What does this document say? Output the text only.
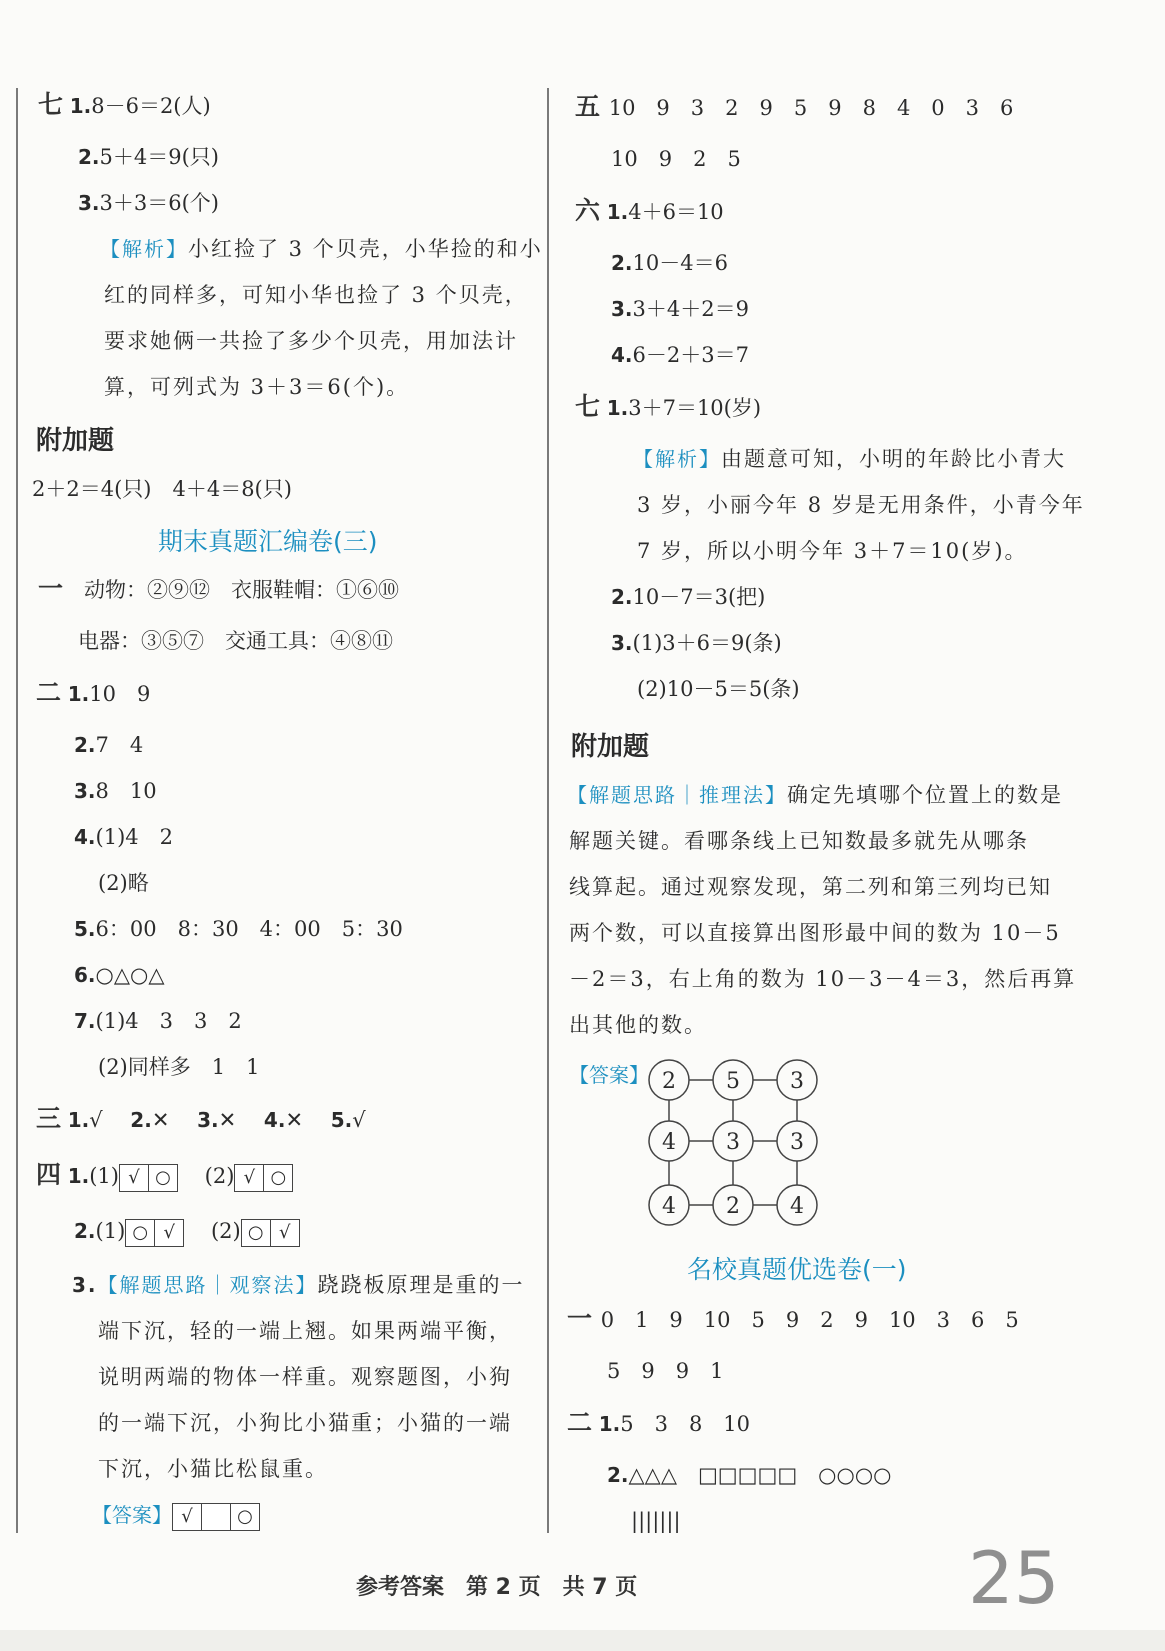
七 1.8－6＝2(人)
2.5＋4＝9(只)
3.3＋3＝6(个)
【解析】小红捡了 3 个贝壳，小华捡的和小
红的同样多，可知小华也捡了 3 个贝壳，
要求她俩一共捡了多少个贝壳，用加法计
算，可列式为 3＋3＝6(个)。
附加题
2＋2＝4(只)　4＋4＝8(只)
期末真题汇编卷(三)
一　 动物：②⑨⑫　衣服鞋帽：①⑥⑩
电器：③⑤⑦　交通工具：④⑧⑪
二 1.10　9
2.7　4
3.8　10
4.(1)4　2
(2)略
5.6：00　8：30　4：00　5：30
6.○△○△
7.(1)4　3　3　2
(2)同样多　1　1
三 1.√　 2.✕　 3.✕　 4.✕　 5.√
四 1.(1) √ ○　 (2) √ ○
2.(1) ○ √　 (2) ○ √
3.【解题思路｜观察法】跷跷板原理是重的一
端下沉，轻的一端上翘。如果两端平衡，
说明两端的物体一样重。观察题图，小狗
的一端下沉，小狗比小猫重；小猫的一端
下沉，小猫比松鼠重。
【答案】 √ ○
五 10　9　3　2　9　5　9　8　4　0　3　6
10　9　2　5
六 1.4＋6＝10
2.10－4＝6
3.3＋4＋2＝9
4.6－2＋3＝7
七 1.3＋7＝10(岁)
【解析】由题意可知，小明的年龄比小青大
3 岁，小丽今年 8 岁是无用条件，小青今年
7 岁，所以小明今年 3＋7＝10(岁)。
2.10－7＝3(把)
3.(1)3＋6＝9(条)
(2)10－5＝5(条)
附加题
【解题思路｜推理法】确定先填哪个位置上的数是
解题关键。看哪条线上已知数最多就先从哪条
线算起。通过观察发现，第二列和第三列均已知
两个数，可以直接算出图形最中间的数为 10－5
－2＝3，右上角的数为 10－3－4＝3，然后再算
出其他的数。
【答案】 2 5 3
4 3 3
4 2 4
名校真题优选卷(一)
一 0　1　9　10　5　9　2　9　10　3　6　5
5　9　9　1
二 1.5　3　8　10
2.△△△　□□□□□　○○○○
|||||||
参考答案　第 2 页　共 7 页	25
